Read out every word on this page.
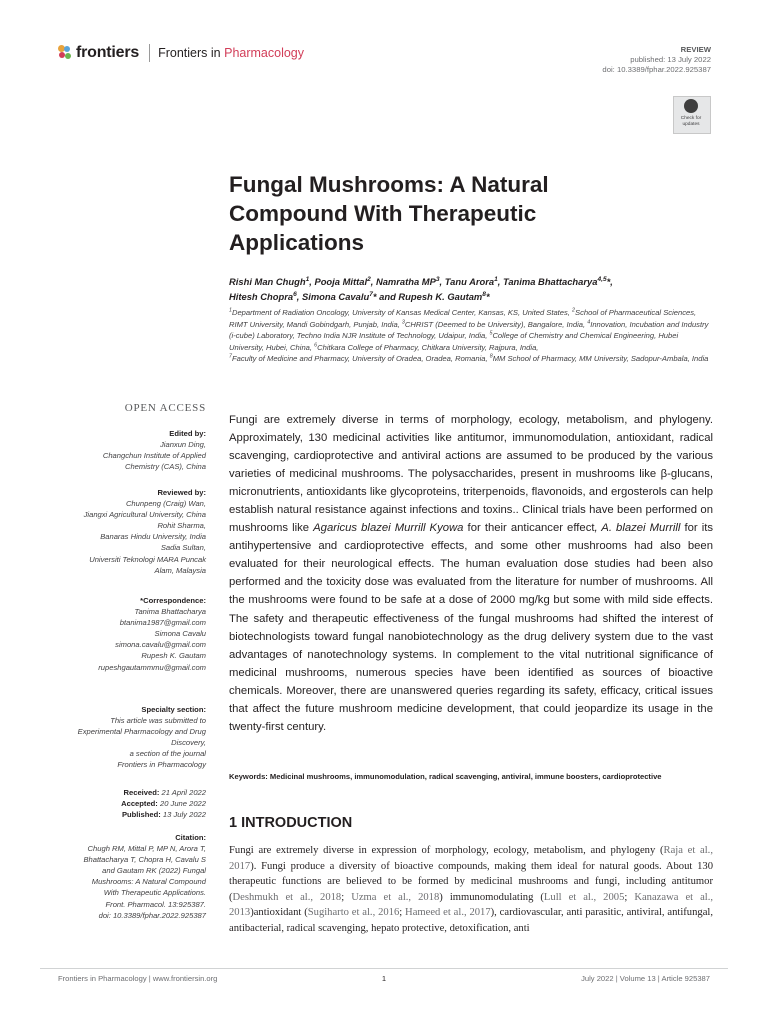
frontiers Frontiers in Pharmacology	REVIEW
published: 13 July 2022
doi: 10.3389/fphar.2022.925387
Check for
updates
Fungal Mushrooms: A Natural Compound With Therapeutic Applications
Rishi Man Chugh$^1$, Pooja Mittal$^2$, Namratha $MP^3$, Tanu Arora$^1$, Tanima Bhattacharya$^{4,5}$*,
Hitesh Chopra$^6$, Simona Cavalu$^7$* and Rupesh K. Gautam$^8$*
$^1$Department of Radiation Oncology, University of Kansas Medical Center, Kansas, KS, United States, $^2$School of Pharmaceutical Sciences, RIMT University, Mandi Gobindgarh, Punjab, India, $^3$CHRIST (Deemed to be University), Bangalore, India, $^4$Innovation, Incubation and Industry (i-cube) Laboratory, Techno India NJR Institute of Technology, Udaipur, India, $^5$College of Chemistry and Chemical Engineering, Hubei University, Hubei, China, $^6$Chitkara College of Pharmacy, Chitkara University, Rajpura, India,
$^7$Faculty of Medicine and Pharmacy, University of Oradea, Oradea, Romania, $^8$MM School of Pharmacy, MM University, Sadopur-Ambala, India
OPEN ACCESS
Edited by:
Jianxun Ding,
Changchun Institute of Applied
Chemistry (CAS), China
Reviewed by:
Chunpeng (Craig) Wan,
Jiangxi Agricultural University, China
Rohit Sharma,
Banaras Hindu University, India
Sadia Sultan,
Universiti Teknologi MARA Puncak
Alam, Malaysia
*Correspondence:
Tanima Bhattacharya
btanima1987@gmail.com
Simona Cavalu
simona.cavalu@gmail.com
Rupesh K. Gautam
rupeshgautammmu@gmail.com
Specialty section:
This article was submitted to
Experimental Pharmacology and Drug
Discovery,
a section of the journal
Frontiers in Pharmacology
Received: 21 April 2022
Accepted: 20 June 2022
Published: 13 July 2022
Citation:
Chugh RM, Mittal P, MP N, Arora T,
Bhattacharya T, Chopra H, Cavalu S
and Gautam RK (2022) Fungal
Mushrooms: A Natural Compound
With Therapeutic Applications.
Front. Pharmacol. 13:925387.
doi: 10.3389/fphar.2022.925387
Fungi are extremely diverse in terms of morphology, ecology, metabolism, and phylogeny. Approximately, 130 medicinal activities like antitumor, immunomodulation, antioxidant, radical scavenging, cardioprotective and antiviral actions are assumed to be produced by the various varieties of medicinal mushrooms. The polysaccharides, present in mushrooms like β-glucans, micronutrients, antioxidants like glycoproteins, triterpenoids, flavonoids, and ergosterols can help establish natural resistance against infections and toxins.. Clinical trials have been performed on mushrooms like Agaricus blazei Murrill Kyowa for their anticancer effect, A. blazei Murrill for its antihypertensive and cardioprotective effects, and some other mushrooms had also been evaluated for their neurological effects. The human evaluation dose studies had been also performed and the toxicity dose was evaluated from the literature for number of mushrooms. All the mushrooms were found to be safe at a dose of 2000 mg/kg but some with mild side effects. The safety and therapeutic effectiveness of the fungal mushrooms had shifted the interest of biotechnologists toward fungal nanobiotechnology as the drug delivery system due to the vast advantages of nanotechnology systems. In complement to the vital nutritional significance of medicinal mushrooms, numerous species have been identified as sources of bioactive chemicals. Moreover, there are unanswered queries regarding its safety, efficacy, critical issues that affect the future mushroom medicine development, that could jeopardize its usage in the twenty-first century.
Keywords: Medicinal mushrooms, immunomodulation, radical scavenging, antiviral, immune boosters, cardioprotective
1 INTRODUCTION
Fungi are extremely diverse in expression of morphology, ecology, metabolism, and phylogeny (Raja et al., 2017). Fungi produce a diversity of bioactive compounds, making them ideal for natural goods. About 130 therapeutic functions are believed to be formed by medicinal mushrooms and fungi, including antitumor (Deshmukh et al., 2018; Uzma et al., 2018) immunomodulating (Lull et al., 2005; Kanazawa et al., 2013)antioxidant (Sugiharto et al., 2016; Hameed et al., 2017), cardiovascular, anti parasitic, antiviral, antifungal, antibacterial, radical scavenging, hepato protective, detoxification, anti
Frontiers in Pharmacology | www.frontiersin.org	1	July 2022 | Volume 13 | Article 925387
